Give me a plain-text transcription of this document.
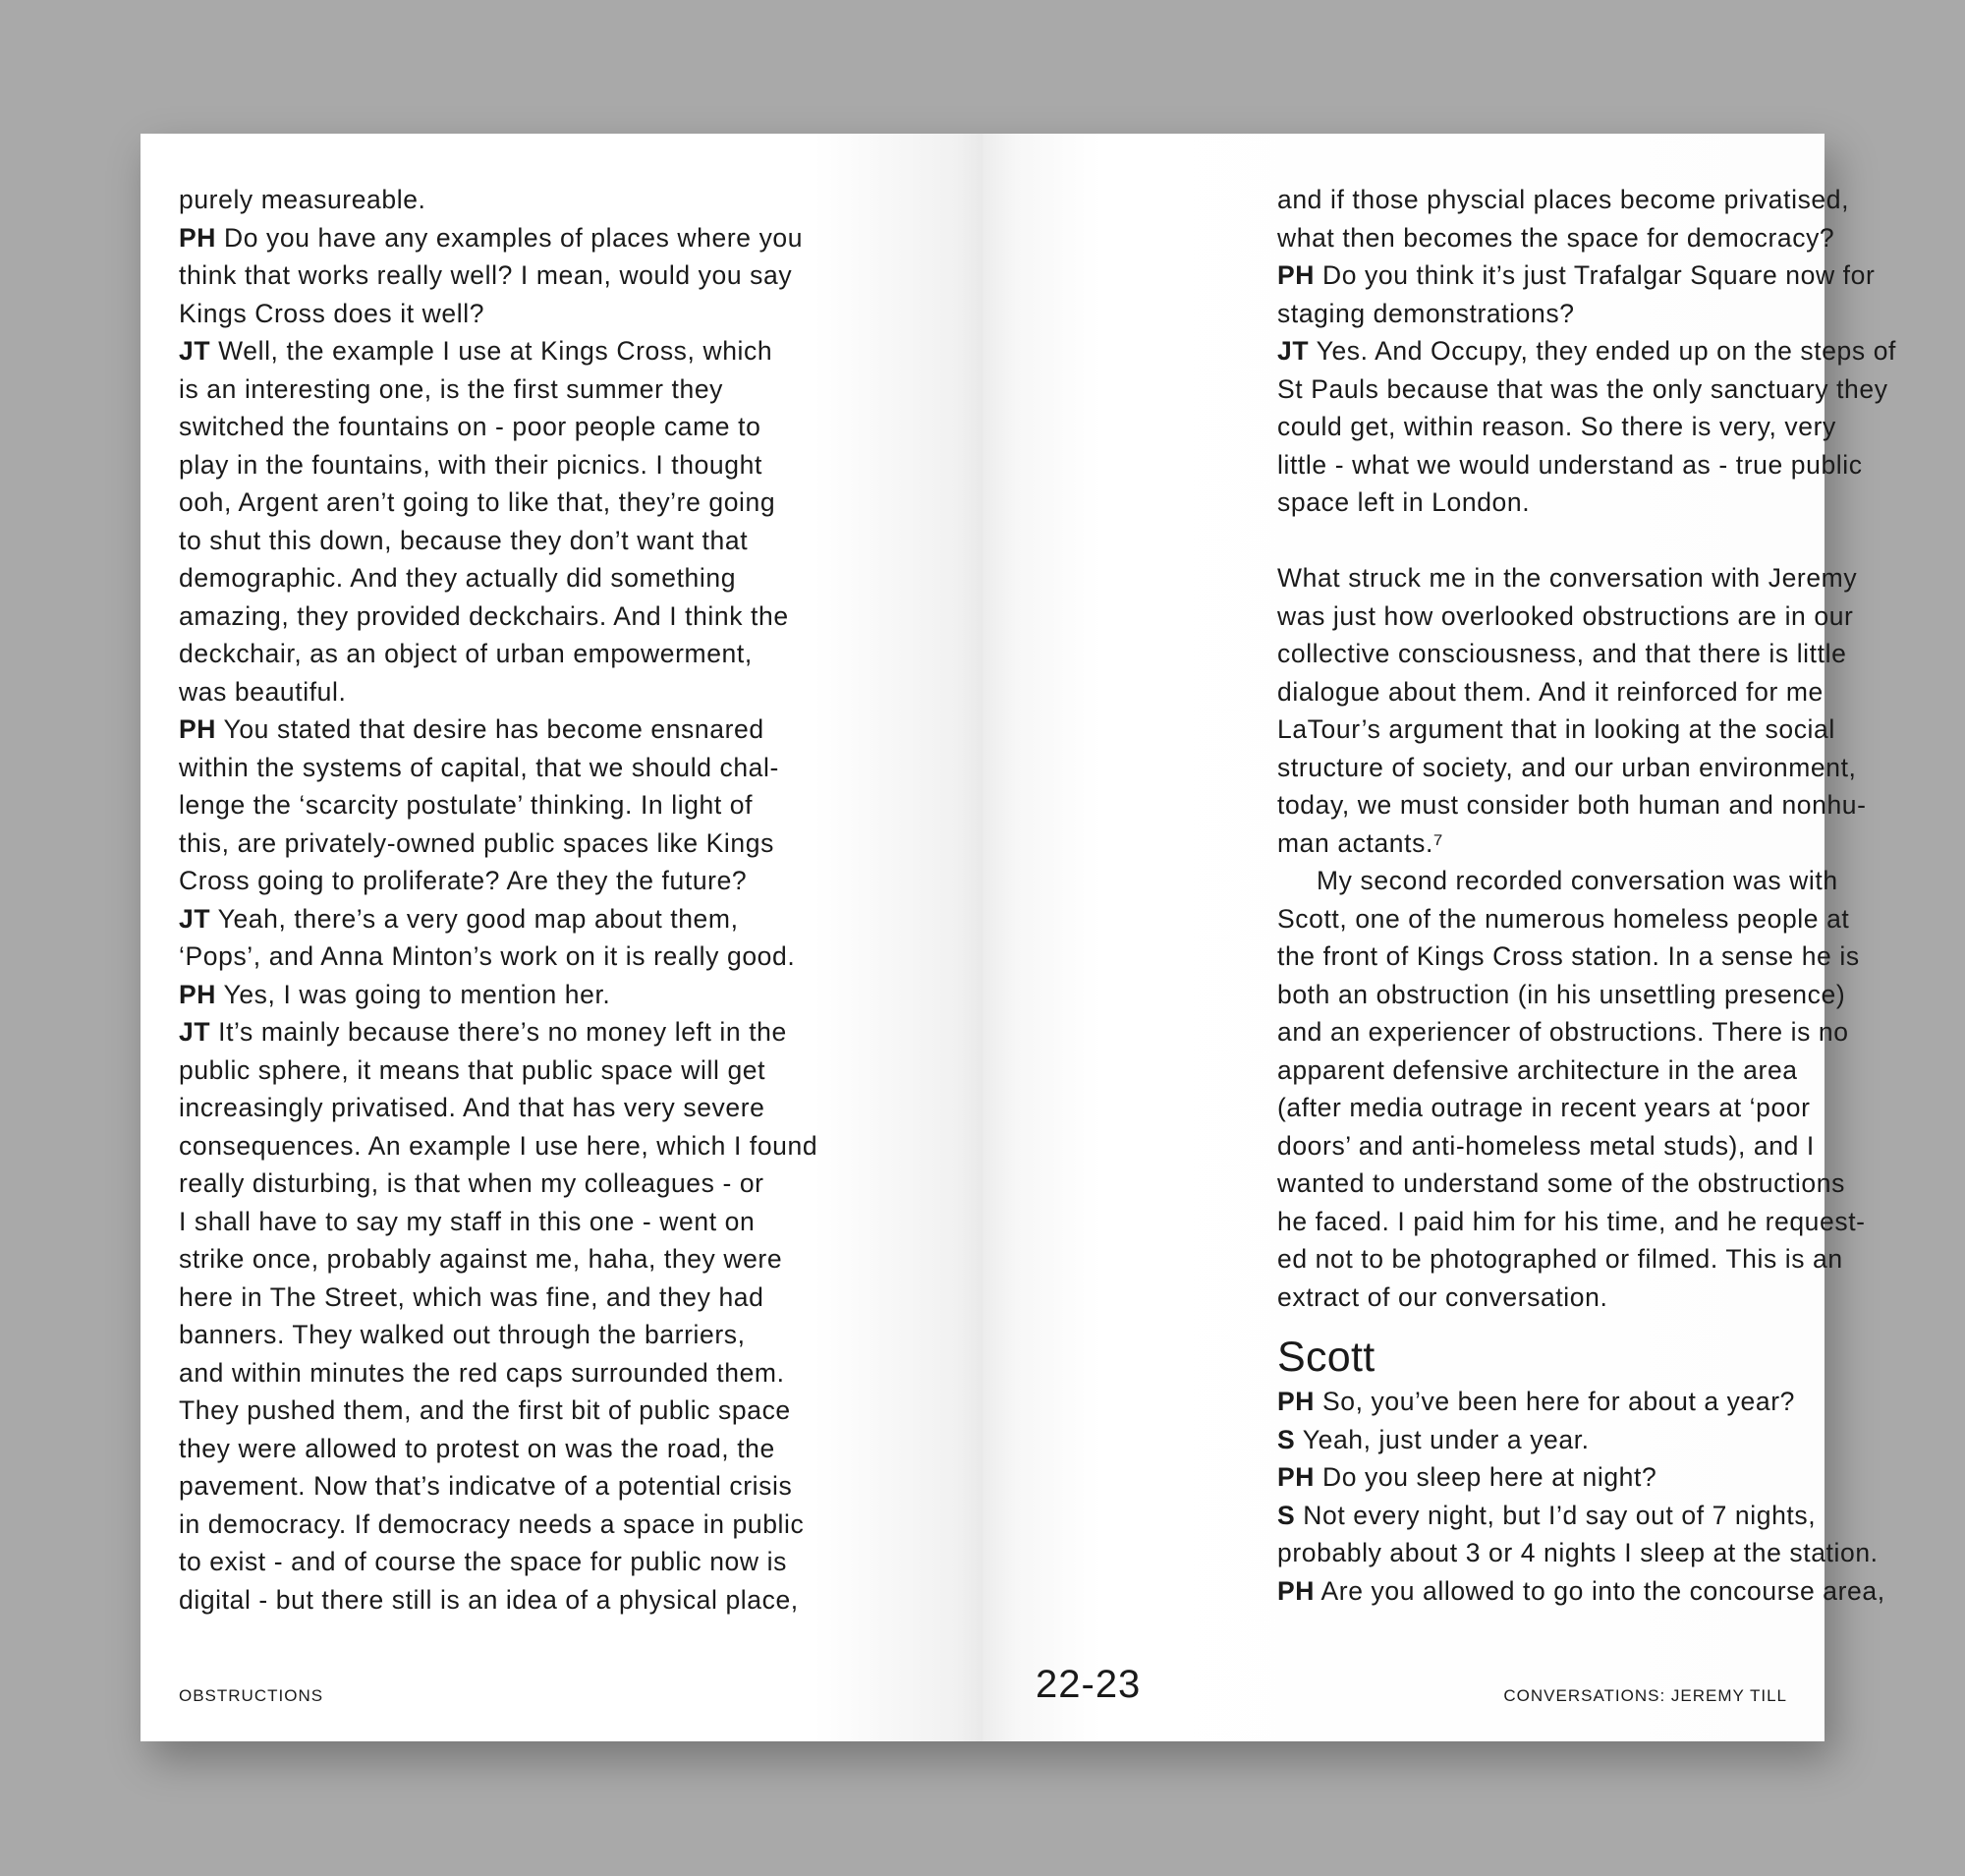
purely measureable.
PH Do you have any examples of places where you
think that works really well? I mean, would you say
Kings Cross does it well?
JT Well, the example I use at Kings Cross, which
is an interesting one, is the first summer they
switched the fountains on - poor people came to
play in the fountains, with their picnics. I thought
ooh, Argent aren’t going to like that, they’re going
to shut this down, because they don’t want that
demographic. And they actually did something
amazing, they provided deckchairs. And I think the
deckchair, as an object of urban empowerment,
was beautiful.
PH You stated that desire has become ensnared
within the systems of capital, that we should chal-
lenge the ‘scarcity postulate’ thinking. In light of
this, are privately-owned public spaces like Kings
Cross going to proliferate? Are they the future?
JT Yeah, there’s a very good map about them,
‘Pops’, and Anna Minton’s work on it is really good.
PH Yes, I was going to mention her.
JT It’s mainly because there’s no money left in the
public sphere, it means that public space will get
increasingly privatised. And that has very severe
consequences. An example I use here, which I found
really disturbing, is that when my colleagues - or
I shall have to say my staff in this one - went on
strike once, probably against me, haha, they were
here in The Street, which was fine, and they had
banners. They walked out through the barriers,
and within minutes the red caps surrounded them.
They pushed them, and the first bit of public space
they were allowed to protest on was the road, the
pavement. Now that’s indicatve of a potential crisis
in democracy. If democracy needs a space in public
to exist - and of course the space for public now is
digital - but there still is an idea of a physical place,
OBSTRUCTIONS
and if those physcial places become privatised,
what then becomes the space for democracy?
PH Do you think it’s just Trafalgar Square now for
staging demonstrations?
JT Yes. And Occupy, they ended up on the steps of
St Pauls because that was the only sanctuary they
could get, within reason. So there is very, very
little - what we would understand as - true public
space left in London.
What struck me in the conversation with Jeremy
was just how overlooked obstructions are in our
collective consciousness, and that there is little
dialogue about them. And it reinforced for me
LaTour’s argument that in looking at the social
structure of society, and our urban environment,
today, we must consider both human and nonhu-
man actants.⁷
My second recorded conversation was with
Scott, one of the numerous homeless people at
the front of Kings Cross station. In a sense he is
both an obstruction (in his unsettling presence)
and an experiencer of obstructions. There is no
apparent defensive architecture in the area
(after media outrage in recent years at ‘poor
doors’ and anti-homeless metal studs), and I
wanted to understand some of the obstructions
he faced. I paid him for his time, and he request-
ed not to be photographed or filmed. This is an
extract of our conversation.
Scott
PH So, you’ve been here for about a year?
S Yeah, just under a year.
PH Do you sleep here at night?
S Not every night, but I’d say out of 7 nights,
probably about 3 or 4 nights I sleep at the station.
PH Are you allowed to go into the concourse area,
CONVERSATIONS: JEREMY TILL
22-23
